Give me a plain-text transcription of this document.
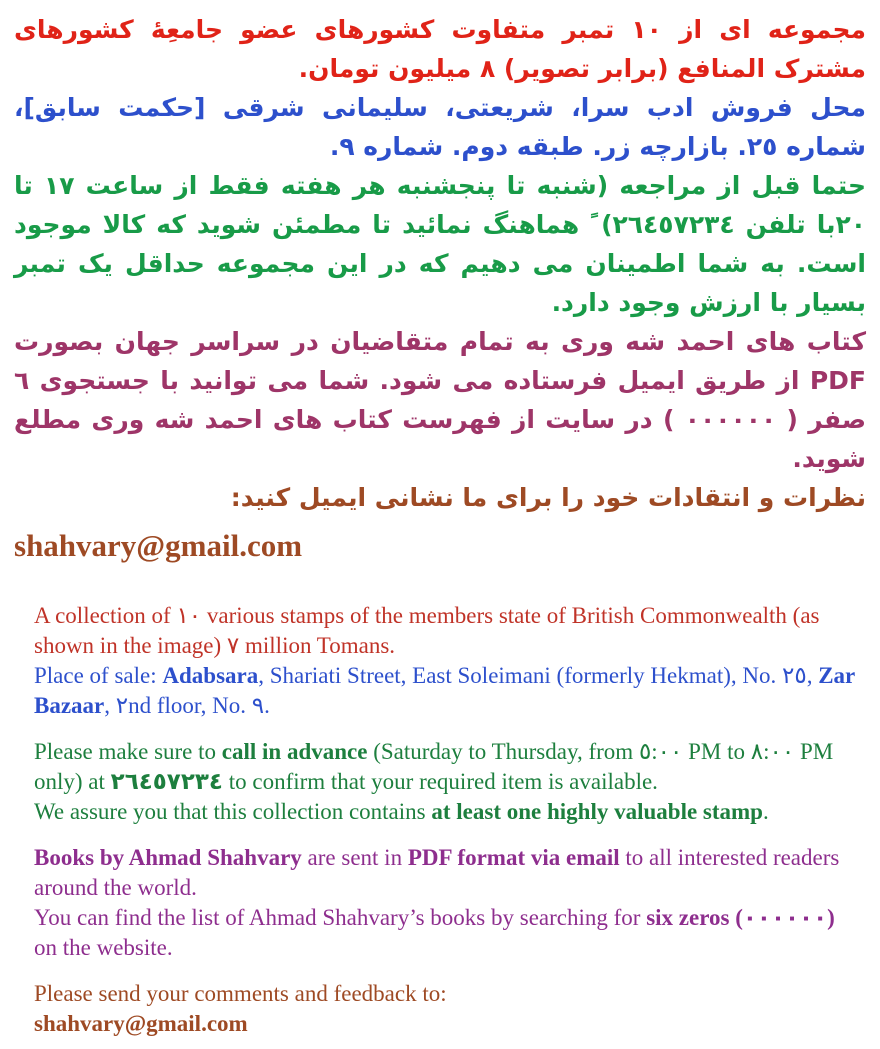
مجموعه ای از ١٠ تمبر متفاوت کشورهای عضو جامعِۀ کشورهای مشترک المنافع (برابر تصویر) ٨ میلیون تومان.

محل فروش ادب سرا، شریعتی، سلیمانی شرقی [حکمت سابق]، شماره ٢٥. بازارچه زر. طبقه دوم. شماره ٩.

حتما قبل از مراجعه (شنبه تا پنجشنبه هر هفته فقط از ساعت ١٧ تا ٢٠با تلفن ٢٦٤٥٧٢٣٤) ً هماهنگ نمائید تا مطمئن شوید که کالا موجود است. به شما اطمینان می دهیم که در این مجموعه حداقل یک تمبر بسیار با ارزش وجود دارد.

کتاب های احمد شه وری به تمام متقاضیان در سراسر جهان بصورت PDF از طریق ایمیل فرستاده می شود. شما می توانید با جستجوی ٦ صفر ( ٠٠٠٠٠٠ ) در سایت از فهرست کتاب های احمد شه وری مطلع شوید.

نظرات و انتقادات خود را برای ما نشانی ایمیل کنید:

shahvary@gmail.com

A collection of ١٠ various stamps of the members state of British Commonwealth (as shown in the image) ٧ million Tomans.

Place of sale: Adabsara, Shariati Street, East Soleimani (formerly Hekmat), No. ٢٥, Zar Bazaar, ٢nd floor, No. ٩.

Please make sure to call in advance (Saturday to Thursday, from ٥:٠٠ PM to ٨:٠٠ PM only) at ٢٦٤٥٧٢٣٤ to confirm that your required item is available.

We assure you that this collection contains at least one highly valuable stamp.

Books by Ahmad Shahvary are sent in PDF format via email to all interested readers around the world.

You can find the list of Ahmad Shahvary’s books by searching for six zeros (٠٠٠٠٠٠) on the website.

Please send your comments and feedback to:

shahvary@gmail.com
